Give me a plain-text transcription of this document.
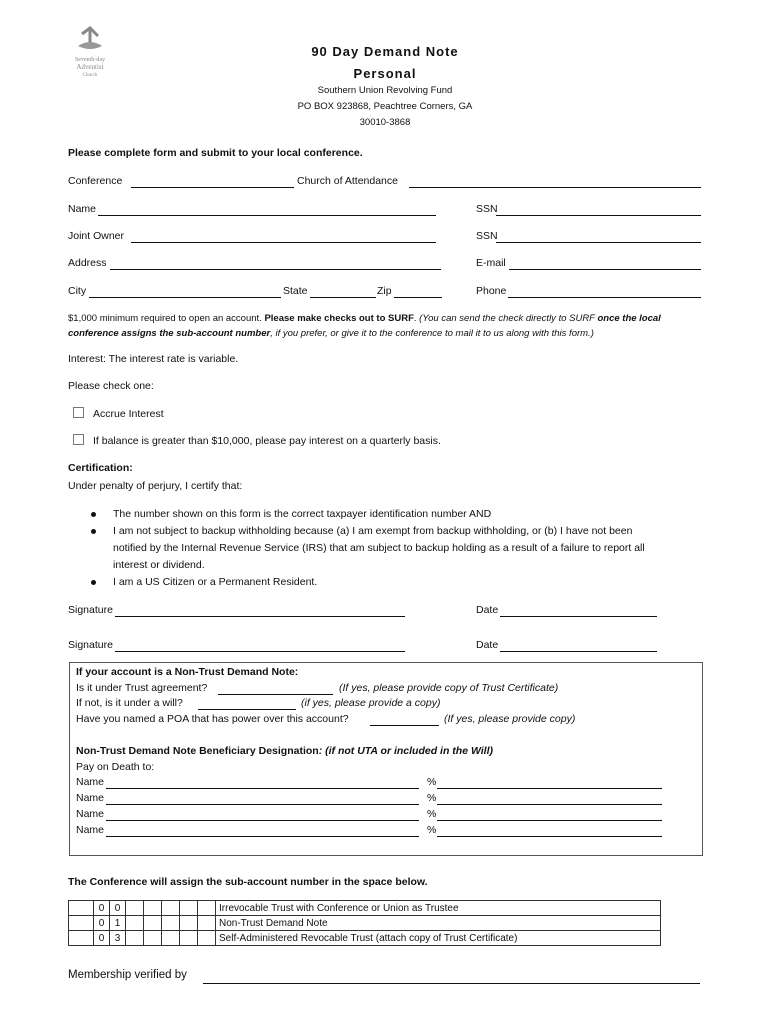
Seventh-day
Adventist
Church
90 Day Demand Note
Personal
Southern Union Revolving Fund
PO BOX 923868, Peachtree Corners, GA
30010-3868
Please complete form and submit to your local conference.
Conference	Church of Attendance
Name	SSN
Joint Owner	SSN
Address	E-mail
City	State	Zip	Phone
$1,000 minimum required to open an account. Please make checks out to SURF. (You can send the check directly to SURF once the local conference assigns the sub-account number, if you prefer, or give it to the conference to mail it to us along with this form.)
Interest: The interest rate is variable.
Please check one:
Accrue Interest
If balance is greater than $10,000, please pay interest on a quarterly basis.
Certification:
Under penalty of perjury, I certify that:
The number shown on this form is the correct taxpayer identification number AND
I am not subject to backup withholding because (a) I am exempt from backup withholding, or (b) I have not been
notified by the Internal Revenue Service (IRS) that am subject to backup holding as a result of a failure to report all
interest or dividend.
I am a US Citizen or a Permanent Resident.
Signature	Date
Signature	Date
If your account is a Non-Trust Demand Note:
Is it under Trust agreement?	(If yes, please provide copy of Trust Certificate)
If not, is it under a will?	(if yes, please provide a copy)
Have you named a POA that has power over this account?	(If yes, please provide copy)
Non-Trust Demand Note Beneficiary Designation: (if not UTA or included in the Will)
Pay on Death to:
Name	%
Name	%
Name	%
Name	%
The Conference will assign the sub-account number in the space below.
	0	0						Irrevocable Trust with Conference or Union as Trustee
	0	1						Non-Trust Demand Note
	0	3						Self-Administered Revocable Trust (attach copy of Trust Certificate)
Membership verified by
